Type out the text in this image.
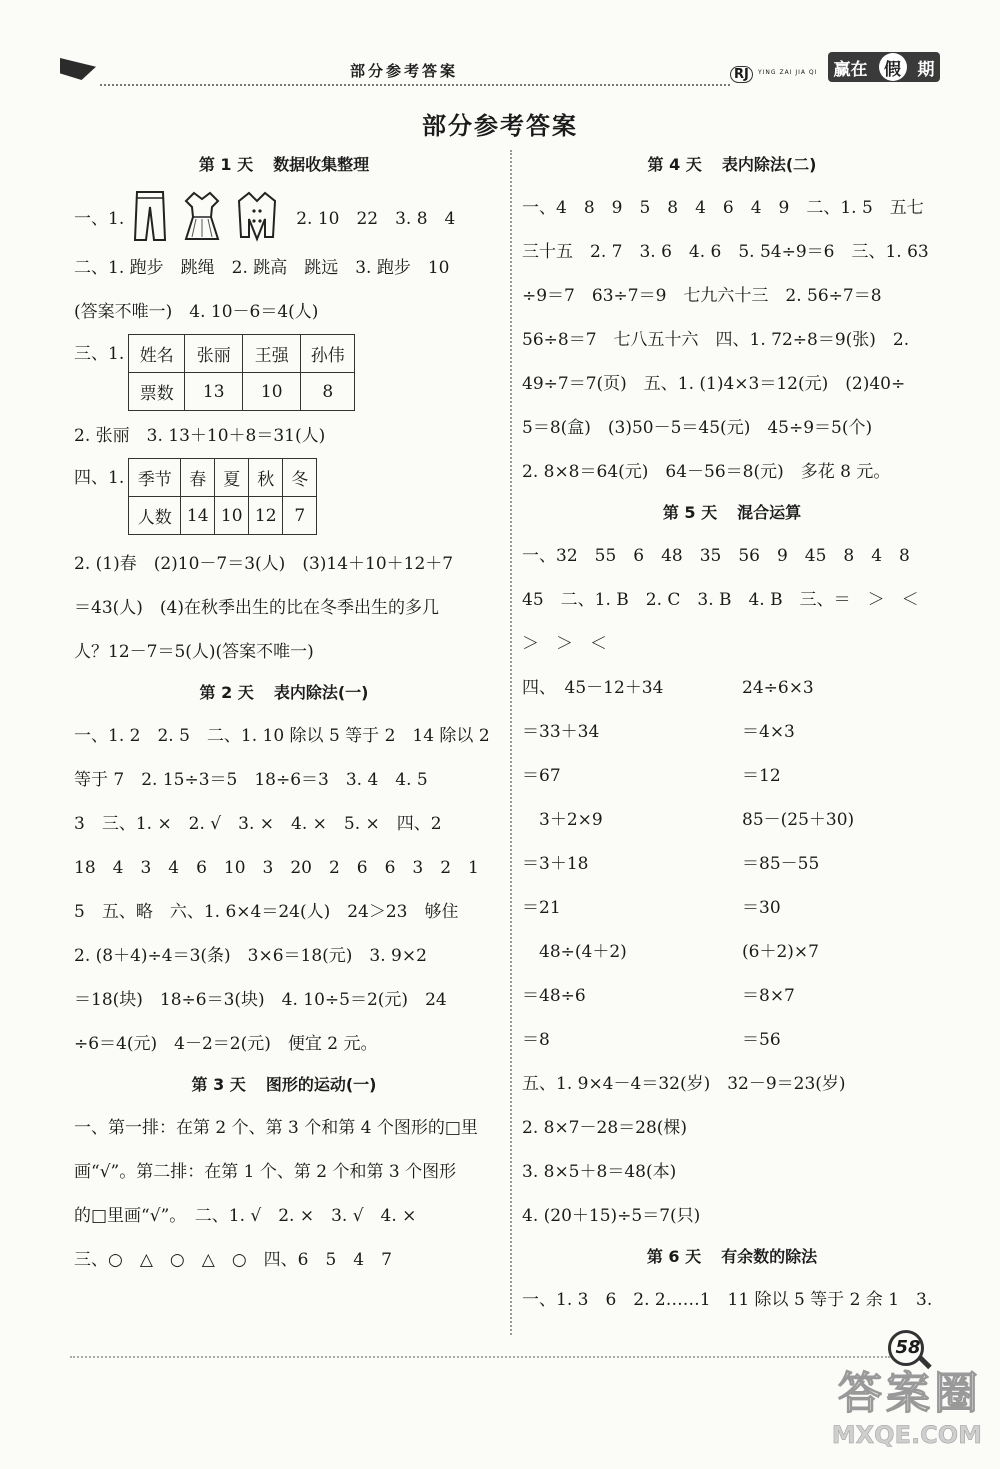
部分参考答案	RJ	YING ZAI JIA QI 赢在 假 期
部分参考答案
第 1 天 数据收集整理
一、1.	2. 10　22　3. 8　4
二、1. 跑步　跳绳　2. 跳高　跳远　3. 跑步　10
(答案不唯一)　4. 10－6＝4(人)
三、1. 姓名	张丽	王强	孙伟
票数	13	10	8
2. 张丽　3. 13＋10＋8＝31(人)
四、1. 季节	春	夏	秋	冬
人数	14	10	12	7
2. (1)春　(2)10－7＝3(人)　(3)14＋10＋12＋7
＝43(人)　(4)在秋季出生的比在冬季出生的多几
人？12－7＝5(人)(答案不唯一)
第 2 天 表内除法(一)
一、1. 2　2. 5　二、1. 10 除以 5 等于 2　14 除以 2
等于 7　2. 15÷3＝5　18÷6＝3　3. 4　4. 5
3　三、1. ×　2. √　3. ×　4. ×　5. ×　四、2
18　4　3　4　6　10　3　20　2　6　6　3　2　1
5　五、略　六、1. 6×4＝24(人)　24＞23　够住
2. (8＋4)÷4＝3(条)　3×6＝18(元)　3. 9×2
＝18(块)　18÷6＝3(块)　4. 10÷5＝2(元)　24
÷6＝4(元)　4－2＝2(元)　便宜 2 元。
第 3 天 图形的运动(一)
一、第一排：在第 2 个、第 3 个和第 4 个图形的□里
画“√”。第二排：在第 1 个、第 2 个和第 3 个图形
的□里画“√”。　二、1. √　2. ×　3. √　4. ×
三、○　△　○　△　○　四、6　5　4　7
第 4 天 表内除法(二)
一、4　8　9　5　8　4　6　4　9　二、1. 5　五七
三十五　2. 7　3. 6　4. 6　5. 54÷9＝6　三、1. 63
÷9＝7　63÷7＝9　七九六十三　2. 56÷7＝8
56÷8＝7　七八五十六　四、1. 72÷8＝9(张)　2.
49÷7＝7(页)　五、1. (1)4×3＝12(元)　(2)40÷
5＝8(盒)　(3)50－5＝45(元)　45÷9＝5(个)
2. 8×8＝64(元)　64－56＝8(元)　多花 8 元。
第 5 天 混合运算
一、32　55　6　48　35　56　9　45　8　4　8
45　二、1. B　2. C　3. B　4. B　三、＝　＞　＜
＞　＞　＜
四、　45－12＋34	24÷6×3
＝33＋34	＝4×3
＝67	＝12
　3＋2×9	85－(25＋30)
＝3＋18	＝85－55
＝21	＝30
　48÷(4＋2)	(6＋2)×7
＝48÷6	＝8×7
＝8	＝56
五、1. 9×4－4＝32(岁)　32－9＝23(岁)
2. 8×7－28＝28(棵)
3. 8×5＋8＝48(本)
4. (20＋15)÷5＝7(只)
第 6 天 有余数的除法
一、1. 3　6　2. 2……1　11 除以 5 等于 2 余 1　3.
58
答案圈
MXQE.COM
